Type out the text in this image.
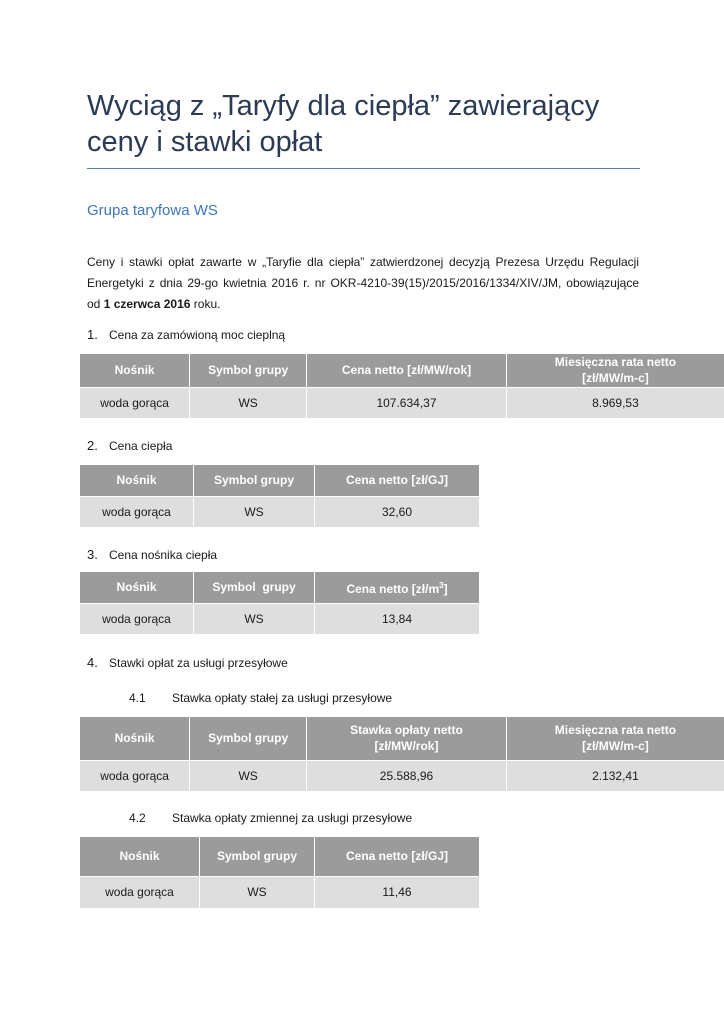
Wyciąg z „Taryfy dla ciepła” zawierający ceny i stawki opłat
Grupa taryfowa WS
Ceny i stawki opłat zawarte w „Taryfie dla ciepła” zatwierdzonej decyzją Prezesa Urzędu Regulacji Energetyki z dnia 29-go kwietnia 2016 r. nr OKR-4210-39(15)/2015/2016/1334/XIV/JM, obowiązujące od 1 czerwca 2016 roku.
1. Cena za zamówioną moc cieplną
Nośnik	Symbol grupy	Cena netto [zł/MW/rok]	Miesięczna rata netto [zł/MW/m-c]
woda gorąca	WS	107.634,37	8.969,53
2. Cena ciepła
Nośnik	Symbol grupy	Cena netto [zł/GJ]
woda gorąca	WS	32,60
3. Cena nośnika ciepła
Nośnik	Symbol  grupy	Cena netto $[zł/m^3]$
woda gorąca	WS	13,84
4. Stawki opłat za usługi przesyłowe
4.1 Stawka opłaty stałej za usługi przesyłowe
Nośnik	Symbol grupy	Stawka opłaty netto [zł/MW/rok]	Miesięczna rata netto [zł/MW/m-c]
woda gorąca	WS	25.588,96	2.132,41
4.2 Stawka opłaty zmiennej za usługi przesyłowe
Nośnik	Symbol grupy	Cena netto [zł/GJ]
woda gorąca	WS	11,46
